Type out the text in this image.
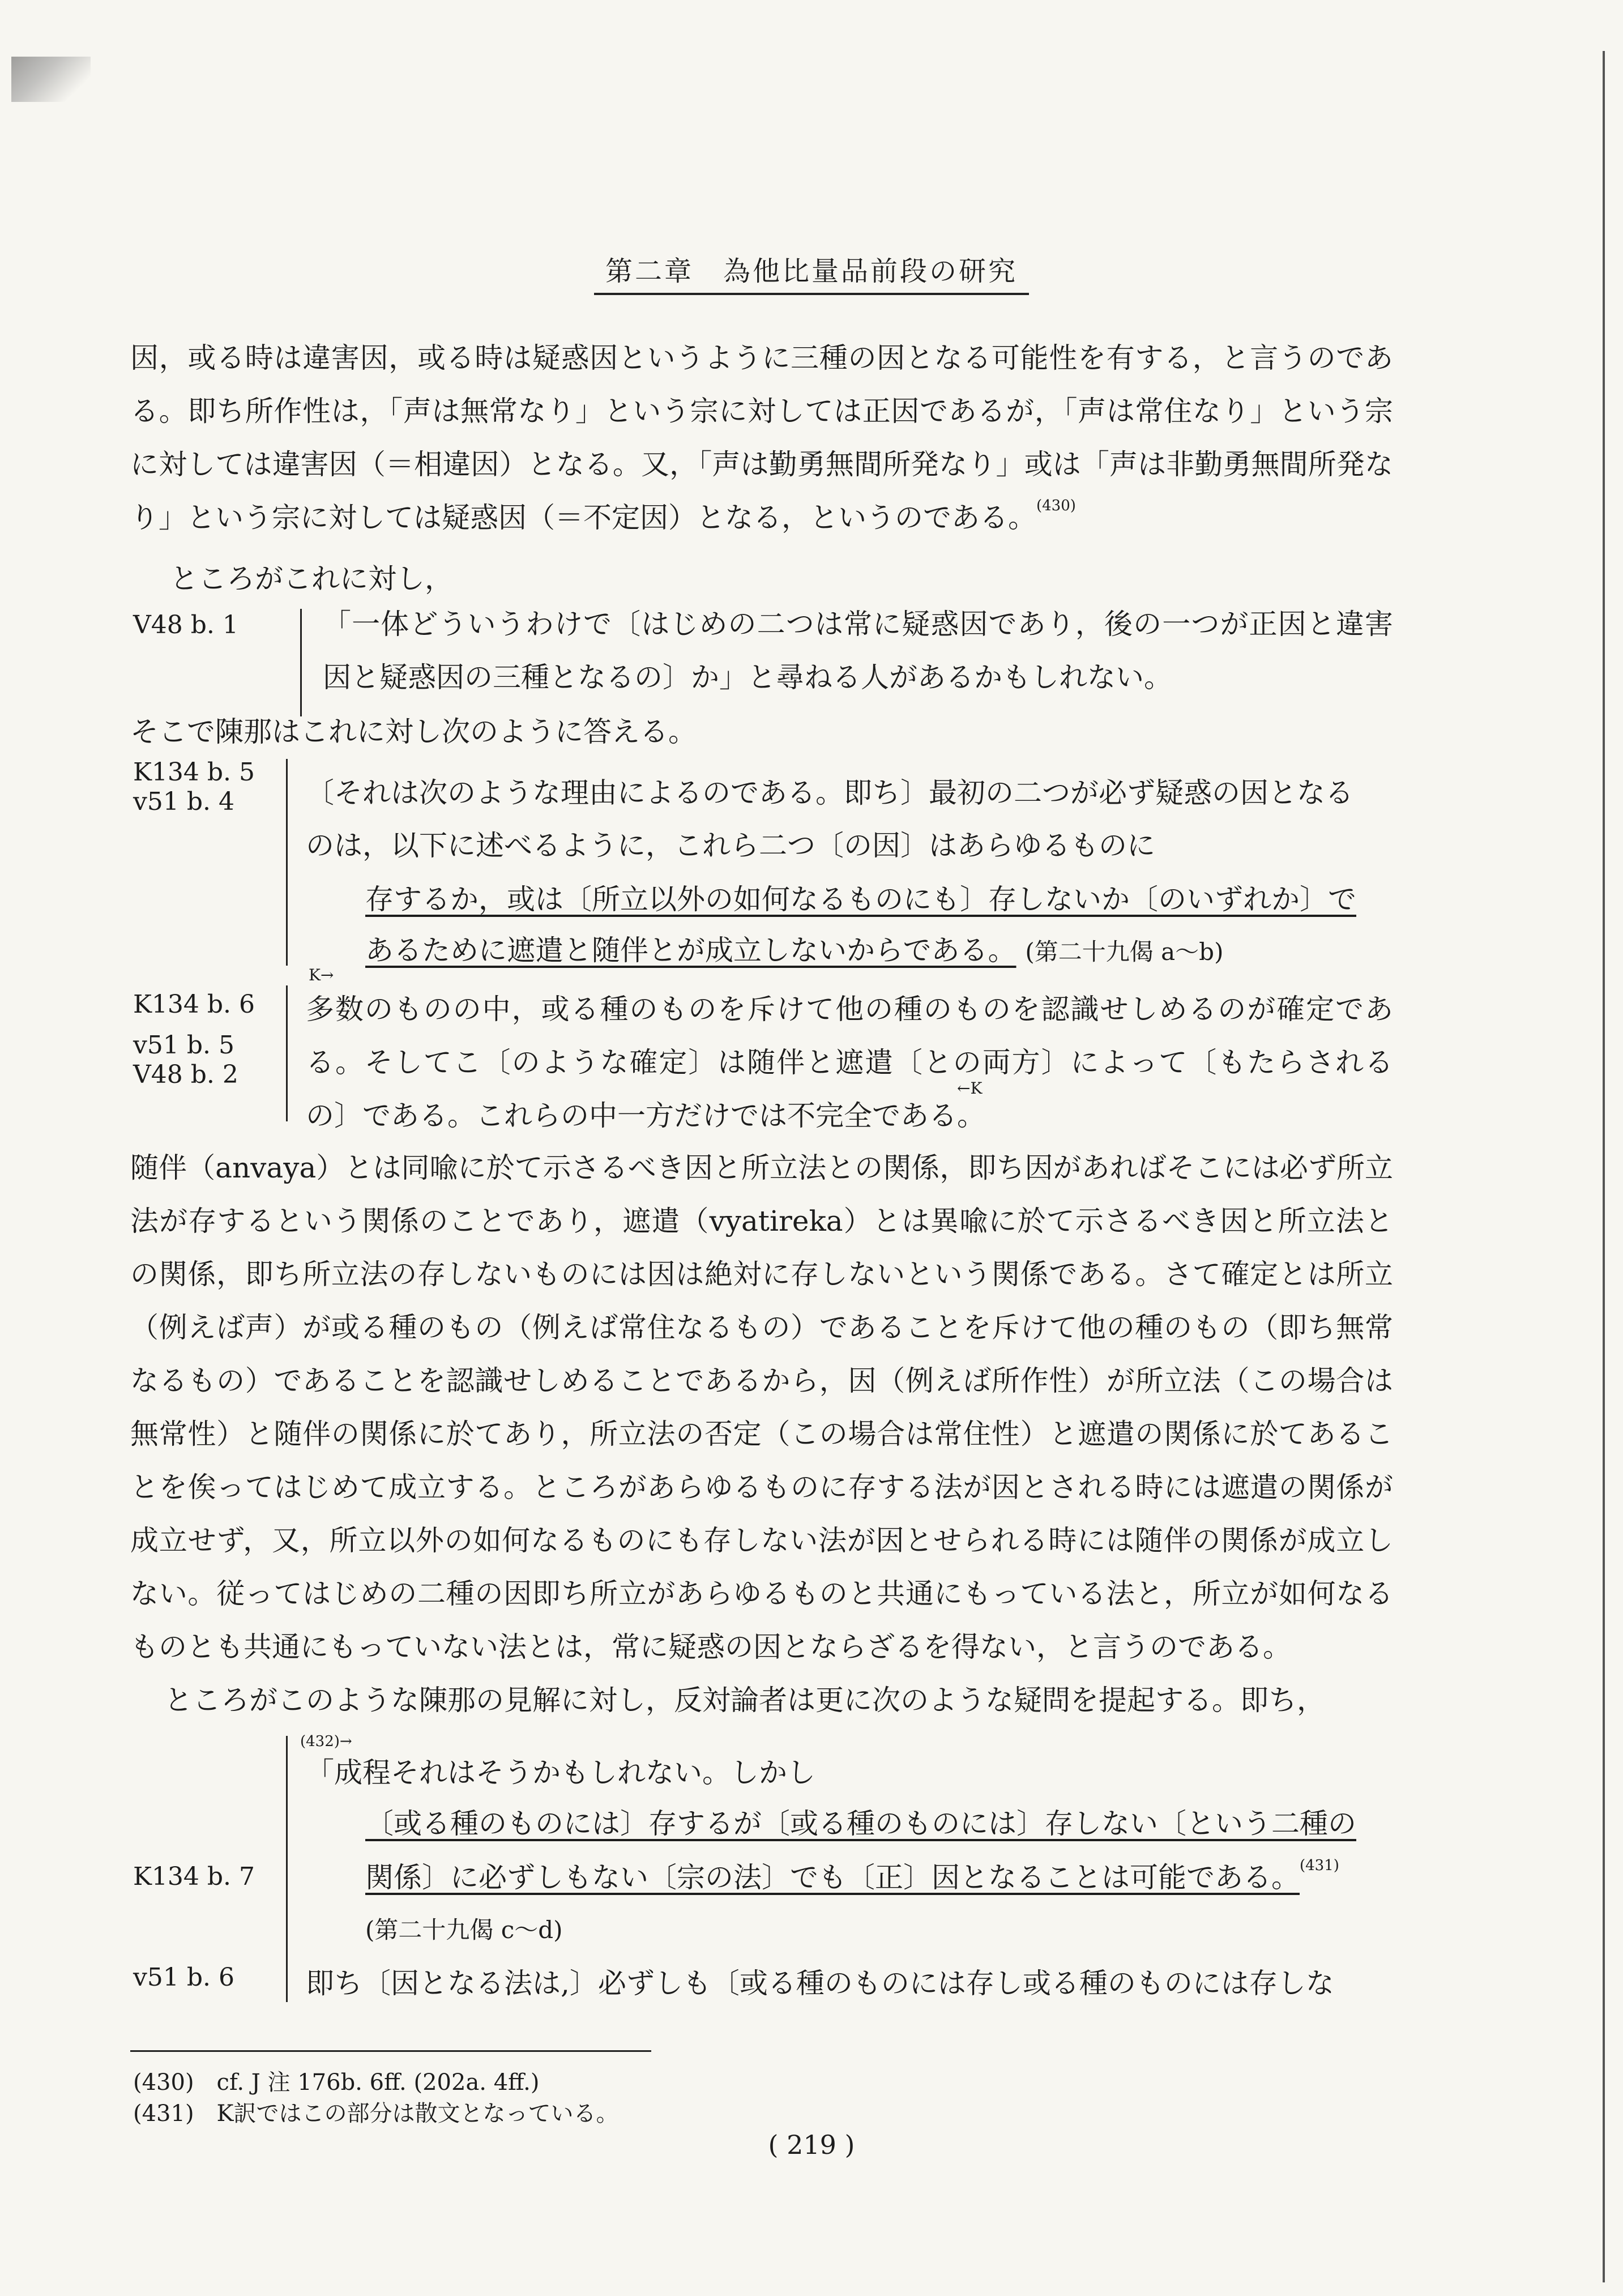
第二章　為他比量品前段の研究

因，或る時は違害因，或る時は疑惑因というように三種の因となる可能性を有する，と言うのである。即ち所作性は，「声は無常なり」という宗に対しては正因であるが，「声は常住なり」という宗に対しては違害因（＝相違因）となる。又，「声は勤勇無間所発なり」或は「声は非勤勇無間所発なり」という宗に対しては疑惑因（＝不定因）となる，というのである。$^{(430)}$

ところがこれに対し，

V48 b. 1	「一体どういうわけで〔はじめの二つは常に疑惑因であり，後の一つが正因と違害因と疑惑因の三種となるの〕か」と尋ねる人があるかもしれない。

そこで陳那はこれに対し次のように答える。

K134 b. 5
v51 b. 4	〔それは次のような理由によるのである。即ち〕最初の二つが必ず疑惑の因となる
のは，以下に述べるように，これら二つ〔の因〕はあらゆるものに
存するか，或は〔所立以外の如何なるものにも〕存しないか〔のいずれか〕で
あるために遮遣と随伴とが成立しないからである。 (第二十九偈 a～b)
K134 b. 6
v51 b. 5
V48 b. 2
K→

多数のものの中，或る種のものを斥けて他の種のものを認識せしめるのが確定である。そしてこ〔のような確定〕は随伴と遮遣〔との両方〕によって〔もたらされるの〕である。これらの中一方だけでは不完全である。

←K

随伴（anvaya）とは同喩に於て示さるべき因と所立法との関係，即ち因があればそこには必ず所立法が存するという関係のことであり，遮遣（vyatireka）とは異喩に於て示さるべき因と所立法との関係，即ち所立法の存しないものには因は絶対に存しないという関係である。さて確定とは所立（例えば声）が或る種のもの（例えば常住なるもの）であることを斥けて他の種のもの（即ち無常なるもの）であることを認識せしめることであるから，因（例えば所作性）が所立法（この場合は無常性）と随伴の関係に於てあり，所立法の否定（この場合は常住性）と遮遣の関係に於てあることを俟ってはじめて成立する。ところがあらゆるものに存する法が因とされる時には遮遣の関係が成立せず，又，所立以外の如何なるものにも存しない法が因とせられる時には随伴の関係が成立しない。従ってはじめの二種の因即ち所立があらゆるものと共通にもっている法と，所立が如何なるものとも共通にもっていない法とは，常に疑惑の因とならざるを得ない，と言うのである。

ところがこのような陳那の見解に対し，反対論者は更に次のような疑問を提起する。即ち，

(432)→
「成程それはそうかもしれない。しかし
〔或る種のものには〕存するが〔或る種のものには〕存しない〔という二種の
K134 b. 7	関係〕に必ずしもない〔宗の法〕でも〔正〕因となることは可能である。$^{(431)}$
(第二十九偈 c～d)
v51 b. 6	即ち〔因となる法は,〕必ずしも〔或る種のものには存し或る種のものには存しな
(430)　cf. J 注 176b. 6ff. (202a. 4ff.)
(431)　K訳ではこの部分は散文となっている。
( 219 )
